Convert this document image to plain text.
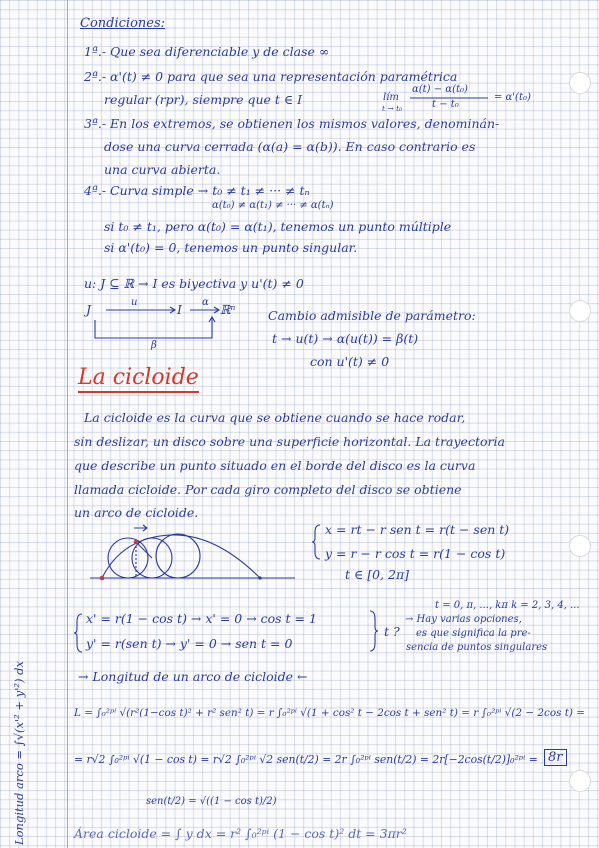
Condiciones:
1ª.- Que sea diferenciable y de clase ∞
2ª.- α'(t) ≠ 0 para que sea una representación paramétrica
regular (rpr), siempre que t ∈ I	lím
t → t₀
α(t) − α(t₀)
t − t₀
= α'(t₀)
3ª.- En los extremos, se obtienen los mismos valores, denominán-
dose una curva cerrada (α(a) = α(b)). En caso contrario es
una curva abierta.
4ª.- Curva simple → t₀ ≠ t₁ ≠ ··· ≠ tₙ
α(t₀) ≠ α(t₁) ≠ ··· ≠ α(tₙ)
si t₀ ≠ t₁, pero α(t₀) = α(t₁), tenemos un punto múltiple
si α'(t₀) = 0, tenemos un punto singular.
u: J ⊆ ℝ → I es biyectiva y u'(t) ≠ 0
J	u	I α ℝⁿ
β
Cambio admisible de parámetro:
t → u(t) → α(u(t)) = β(t)
con u'(t) ≠ 0
La cicloide
La cicloide es la curva que se obtiene cuando se hace rodar,
sin deslizar, un disco sobre una superficie horizontal. La trayectoria
que describe un punto situado en el borde del disco es la curva
llamada cicloide. Por cada giro completo del disco se obtiene
un arco de cicloide.
x = rt − r sen t = r(t − sen t)
y = r − r cos t = r(1 − cos t)
t ∈ [0, 2π]
x' = r(1 − cos t) → x' = 0 → cos t = 1
y' = r(sen t) → y' = 0 → sen t = 0
t ?
t = 0, π, ..., kπ k = 2, 3, 4, ...
→ Hay varias opciones,
es que significa la pre-
sencia de puntos singulares
→ Longitud de un arco de cicloide ←
L = ∫₀²ᵖⁱ √(r²(1−cos t)² + r² sen² t) = r ∫₀²ᵖⁱ √(1 + cos² t − 2cos t + sen² t) = r ∫₀²ᵖⁱ √(2 − 2cos t) =
= r√2 ∫₀²ᵖⁱ √(1 − cos t) = r√2 ∫₀²ᵖⁱ √2 sen(t/2) = 2r ∫₀²ᵖⁱ sen(t/2) = 2r[−2cos(t/2)]₀²ᵖⁱ = 8r
sen(t/2) = √((1 − cos t)/2)
Área cicloide = ∫ y dx = r² ∫₀²ᵖⁱ (1 − cos t)² dt = 3πr²
Longitud arco = ∫√(x'² + y'²) dx
